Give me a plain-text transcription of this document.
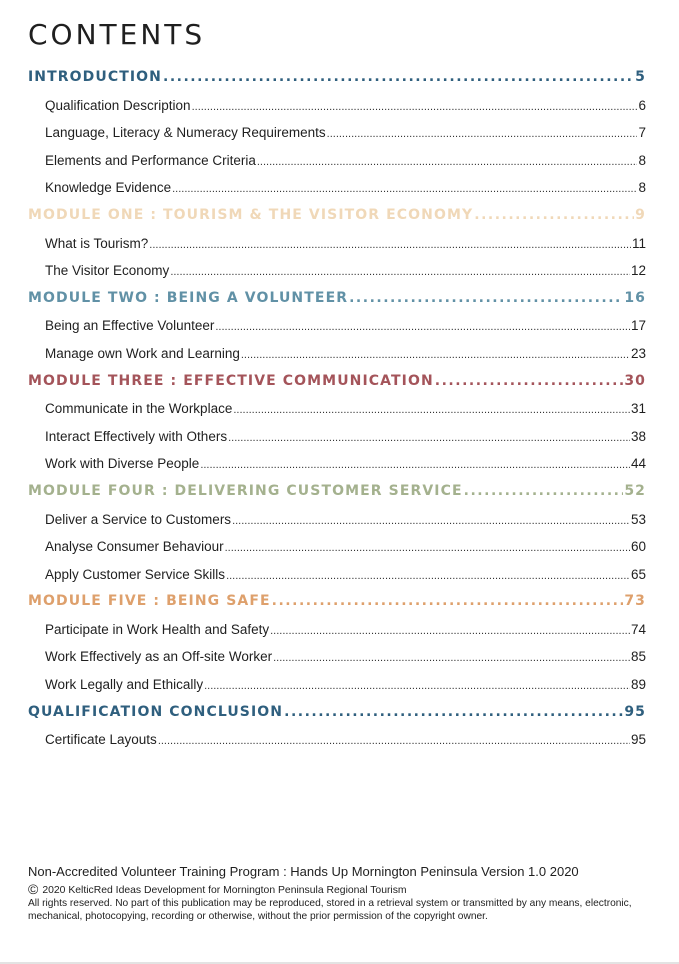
CONTENTS
INTRODUCTION .....	5
Qualification Description .....	6
Language, Literacy & Numeracy Requirements .....	7
Elements and Performance Criteria .....	8
Knowledge Evidence .....	8
MODULE ONE : TOURISM & THE VISITOR ECONOMY .....	9
What is Tourism? .....	11
The Visitor Economy .....	12
MODULE TWO : BEING A VOLUNTEER .....	16
Being an Effective Volunteer .....	17
Manage own Work and Learning .....	23
MODULE THREE : EFFECTIVE COMMUNICATION .....	30
Communicate in the Workplace .....	31
Interact Effectively with Others .....	38
Work with Diverse People .....	44
MODULE FOUR : DELIVERING CUSTOMER SERVICE .....	52
Deliver a Service to Customers .....	53
Analyse Consumer Behaviour .....	60
Apply Customer Service Skills .....	65
MODULE FIVE : BEING SAFE .....	73
Participate in Work Health and Safety .....	74
Work Effectively as an Off-site Worker .....	85
Work Legally and Ethically .....	89
QUALIFICATION CONCLUSION .....	95
Certificate Layouts .....	95

Non-Accredited Volunteer Training Program : Hands Up Mornington Peninsula Version 1.0 2020

© 2020 KelticRed Ideas Development for Mornington Peninsula Regional Tourism

All rights reserved. No part of this publication may be reproduced, stored in a retrieval system or transmitted by any means, electronic, mechanical, photocopying, recording or otherwise, without the prior permission of the copyright owner.
